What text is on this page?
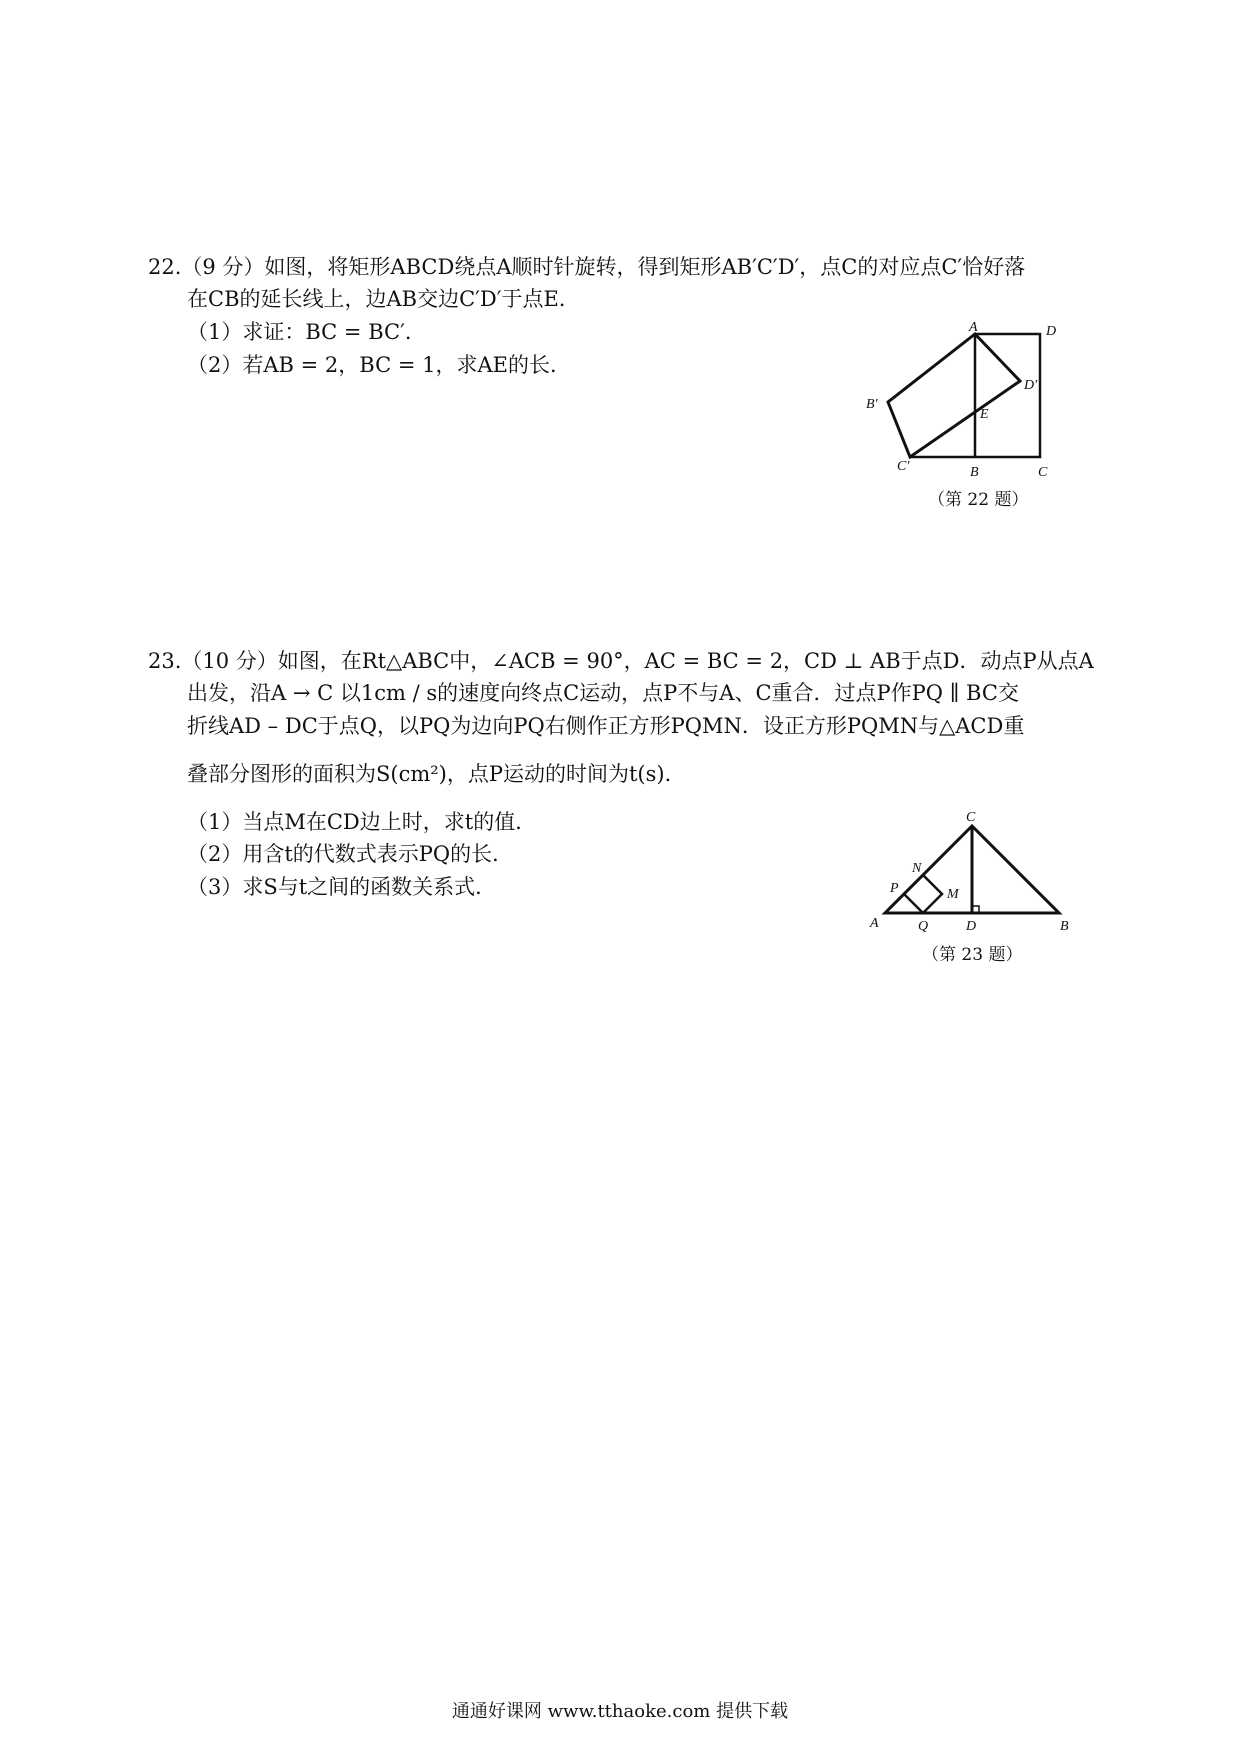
22.（9 分）如图，将矩形ABCD绕点A顺时针旋转，得到矩形AB′C′D′，点C的对应点C′恰好落
在CB的延长线上，边AB交边C′D′于点E．
（1）求证：BC = BC′．
（2）若AB = 2，BC = 1，求AE的长．
A	D
B′
D′
E
C′	B	C
（第 22 题）
23.（10 分）如图，在Rt△ABC中，∠ACB = 90°，AC = BC = 2，CD ⊥ AB于点D．动点P从点A
出发，沿A → C 以1cm / s的速度向终点C运动，点P不与A、C重合．过点P作PQ ∥ BC交
折线AD – DC于点Q，以PQ为边向PQ右侧作正方形PQMN．设正方形PQMN与△ACD重
叠部分图形的面积为S(cm²)，点P运动的时间为t(s)．
（1）当点M在CD边上时，求t的值．
（2）用含t的代数式表示PQ的长．
（3）求S与t之间的函数关系式．
C
N
P	M
A	Q	D	B
（第 23 题）
通通好课网 www.tthaoke.com 提供下载
